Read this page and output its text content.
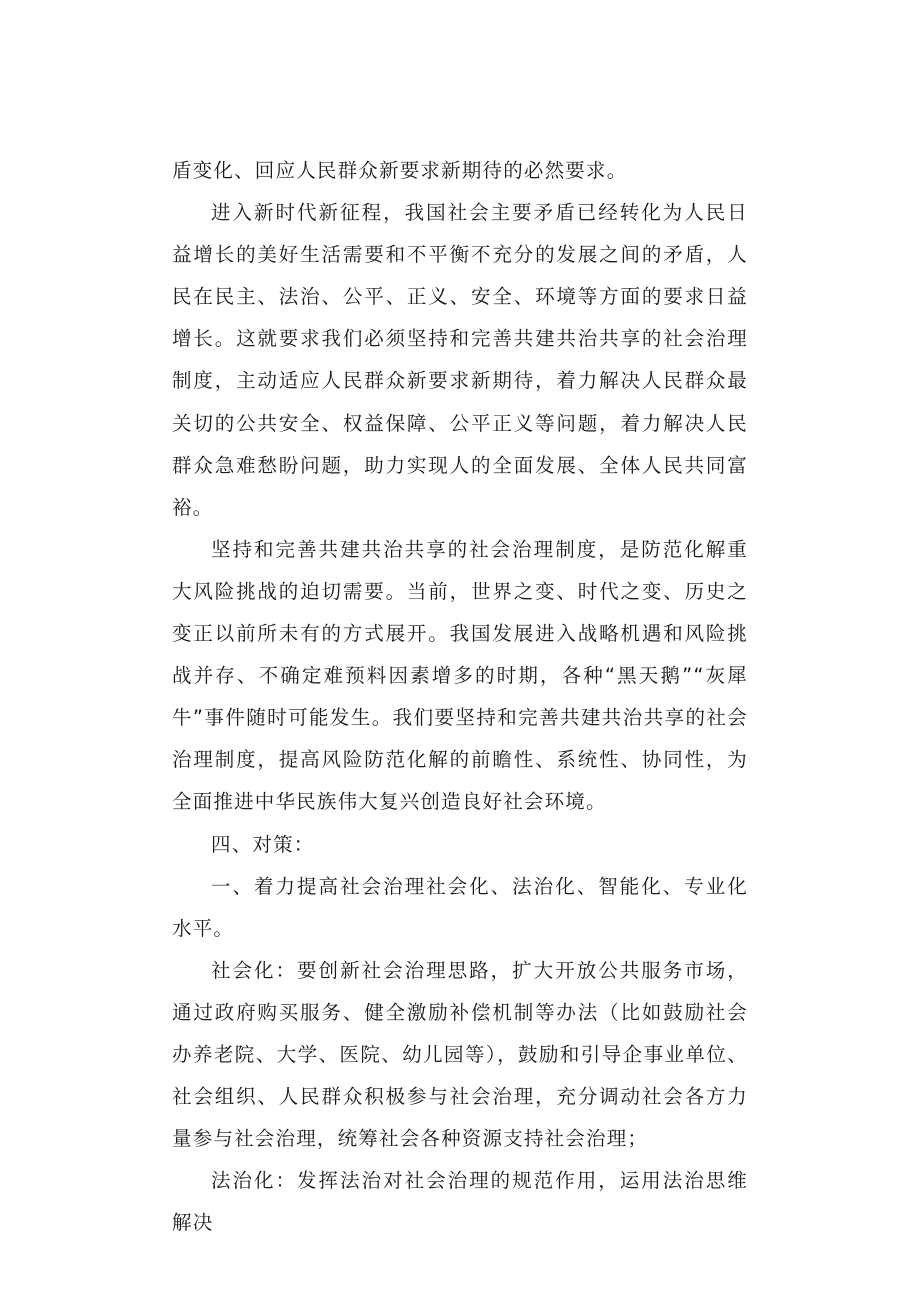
盾变化、回应人民群众新要求新期待的必然要求。

进入新时代新征程，我国社会主要矛盾已经转化为人民日益增长的美好生活需要和不平衡不充分的发展之间的矛盾，人民在民主、法治、公平、正义、安全、环境等方面的要求日益增长。这就要求我们必须坚持和完善共建共治共享的社会治理制度，主动适应人民群众新要求新期待，着力解决人民群众最关切的公共安全、权益保障、公平正义等问题，着力解决人民群众急难愁盼问题，助力实现人的全面发展、全体人民共同富裕。

坚持和完善共建共治共享的社会治理制度，是防范化解重大风险挑战的迫切需要。当前，世界之变、时代之变、历史之变正以前所未有的方式展开。我国发展进入战略机遇和风险挑战并存、不确定难预料因素增多的时期，各种“黑天鹅”“灰犀牛”事件随时可能发生。我们要坚持和完善共建共治共享的社会治理制度，提高风险防范化解的前瞻性、系统性、协同性，为全面推进中华民族伟大复兴创造良好社会环境。

四、对策：

一、着力提高社会治理社会化、法治化、智能化、专业化水平。

社会化：要创新社会治理思路，扩大开放公共服务市场，通过政府购买服务、健全激励补偿机制等办法（比如鼓励社会办养老院、大学、医院、幼儿园等），鼓励和引导企事业单位、社会组织、人民群众积极参与社会治理，充分调动社会各方力量参与社会治理，统筹社会各种资源支持社会治理；

法治化：发挥法治对社会治理的规范作用，运用法治思维解决
